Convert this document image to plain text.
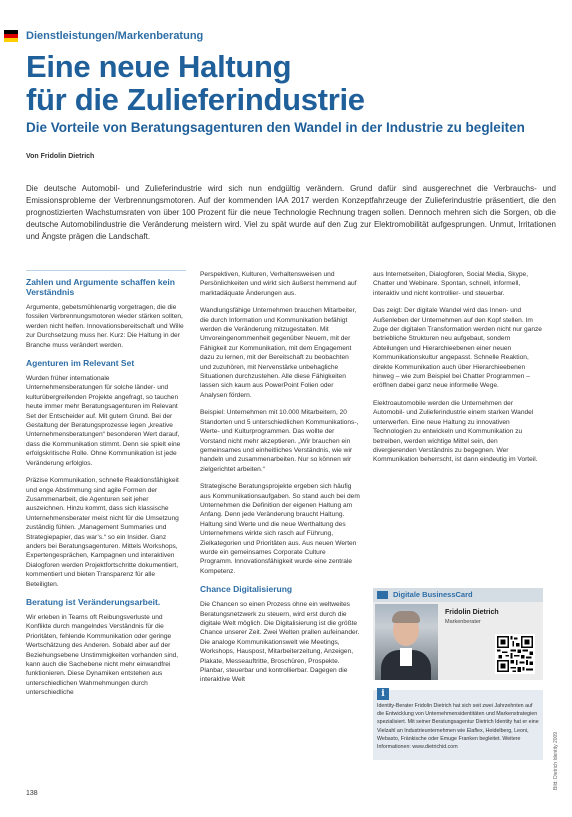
Dienstleistungen/Markenberatung
Eine neue Haltung
für die Zulieferindustrie
Die Vorteile von Beratungsagenturen den Wandel in der Industrie zu begleiten
Von Fridolin Dietrich

Die deutsche Automobil- und Zulieferindustrie wird sich nun endgültig verändern. Grund dafür sind ausgerechnet die Verbrauchs- und Emissionsprobleme der Verbrennungsmotoren. Auf der kommenden IAA 2017 werden Konzeptfahrzeuge der Zulieferindustrie präsentiert, die den prognostizierten Wachstumsraten von über 100 Prozent für die neue Technologie Rechnung tragen sollen. Dennoch mehren sich die Sorgen, ob die deutsche Automobilindustrie die Veränderung meistern wird. Viel zu spät wurde auf den Zug zur Elektromobilität aufgesprungen. Unmut, Irritationen und Ängste prägen die Landschaft.

Zahlen und Argumente schaffen kein Verständnis

Argumente, gebetsmühlenartig vorgetragen, die die fossilen Verbrennungsmotoren wieder stärken sollten, werden nicht helfen. Innovationsbereitschaft und Wille zur Durchsetzung muss her. Kurz: Die Haltung in der Branche muss verändert werden.

Agenturen im Relevant Set

Wurden früher internationale Unternehmensberatungen für solche länder- und kulturübergreifenden Projekte angefragt, so tauchen heute immer mehr Beratungsagenturen im Relevant Set der Entscheider auf. Mit gutem Grund. Bei der Gestaltung der Beratungsprozesse legen „kreative Unternehmensberatungen“ besonderen Wert darauf, dass die Kommunikation stimmt. Denn sie spielt eine erfolgskritische Rolle. Ohne Kommunikation ist jede Veränderung erfolglos.

Präzise Kommunikation, schnelle Reaktionsfähigkeit und enge Abstimmung sind agile Formen der Zusammenarbeit, die Agenturen seit jeher auszeichnen. Hinzu kommt, dass sich klassische Unternehmensberater meist nicht für die Umsetzung zuständig fühlen. „Management Summaries und Strategiepapier, das war’s.“ so ein Insider. Ganz anders bei Beratungsagenturen. Mittels Workshops, Expertengesprächen, Kampagnen und interaktiven Dialogforen werden Projektfortschritte dokumentiert, kommentiert und bieten Transparenz für alle Beteiligten.

Beratung ist Veränderungsarbeit.

Wir erleben in Teams oft Reibungsverluste und Konflikte durch mangelndes Verständnis für die Prioritäten, fehlende Kommunikation oder geringe Wertschätzung des Anderen. Sobald aber auf der Beziehungsebene Unstimmigkeiten vorhanden sind, kann auch die Sachebene nicht mehr einwandfrei funktionieren. Diese Dynamiken entstehen aus unterschiedlichen Wahrnehmungen durch unterschiedliche

Perspektiven, Kulturen, Verhaltensweisen und Persönlichkeiten und wirkt sich äußerst hemmend auf marktadäquate Änderungen aus.

Wandlungsfähige Unternehmen brauchen Mitarbeiter, die durch Information und Kommunikation befähigt werden die Veränderung mitzugestalten. Mit Unvoreingenommenheit gegenüber Neuem, mit der Fähigkeit zur Kommunikation, mit dem Engagement dazu zu lernen, mit der Bereitschaft zu beobachten und zuzuhören, mit Nervenstärke unbehagliche Situationen durchzustehen. Alle diese Fähigkeiten lassen sich kaum aus PowerPoint Folien oder Analysen fördern.

Beispiel: Unternehmen mit 10.000 Mitarbeitern, 20 Standorten und 5 unterschiedlichen Kommunikations-, Werte- und Kulturprogrammen. Das wollte der Vorstand nicht mehr akzeptieren. „Wir brauchen ein gemeinsames und einheitliches Verständnis, wie wir handeln und zusammenarbeiten. Nur so können wir zielgerichtet arbeiten.“

Strategische Beratungsprojekte ergeben sich häufig aus Kommunikationsaufgaben. So stand auch bei dem Unternehmen die Definition der eigenen Haltung am Anfang. Denn jede Veränderung braucht Haltung. Haltung sind Werte und die neue Werthaltung des Unternehmens wirkte sich rasch auf Führung, Zielkategorien und Prioritäten aus. Aus neuen Werten wurde ein gemeinsames Corporate Culture Programm. Innovationsfähigkeit wurde eine zentrale Kompetenz.

Chance Digitalisierung

Die Chancen so einen Prozess ohne ein weltweites Beratungsnetzwerk zu steuern, wird erst durch die digitale Welt möglich. Die Digitalisierung ist die größte Chance unserer Zeit. Zwei Welten prallen aufeinander. Die analoge Kommunikationswelt wie Meetings, Workshops, Hauspost, Mitarbeiterzeitung, Anzeigen, Plakate, Messeauftritte, Broschüren, Prospekte. Planbar, steuerbar und kontrollierbar. Dagegen die interaktive Welt

aus Internetseiten, Dialogforen, Social Media, Skype, Chatter und Webinare. Spontan, schnell, informell, interaktiv und nicht kontrollier- und steuerbar.

Das zeigt: Der digitale Wandel wird das Innen- und Außenleben der Unternehmen auf den Kopf stellen. Im Zuge der digitalen Transformation werden nicht nur ganze betriebliche Strukturen neu aufgebaut, sondern Abteilungen und Hierarchieebenen einer neuen Kommunikationskultur angepasst. Schnelle Reaktion, direkte Kommunikation auch über Hierarchieebenen hinweg – wie zum Beispiel bei Chatter Programmen – eröffnen dabei ganz neue informelle Wege.

Elektroautomobile werden die Unternehmen der Automobil- und Zulieferindustrie einem starken Wandel unterwerfen. Eine neue Haltung zu innovativen Technologien zu entwickeln und Kommunikation zu betreiben, werden wichtige Mittel sein, den divergierenden Verständnis zu begegnen. Wer Kommunikation beherrscht, ist dann eindeutig im Vorteil.

Digitale BusinessCard
Fridolin Dietrich
Markenberater
i
Identity-Berater Fridolin Dietrich hat sich seit zwei Jahrzehnten auf die Entwicklung von Unternehmensidentitäten und Markenstrategien spezialisiert. Mit seiner Beratungsagentur Dietrich Identity hat er eine Vielzahl an Industrieunternehmen wie Elaflex, Heidelberg, Leoni, Webasto, Fränkische oder Emuge Franken begleitet. Weitere Informationen: www.dietrichid.com	Bild: Dietrich Identity 2009
138
